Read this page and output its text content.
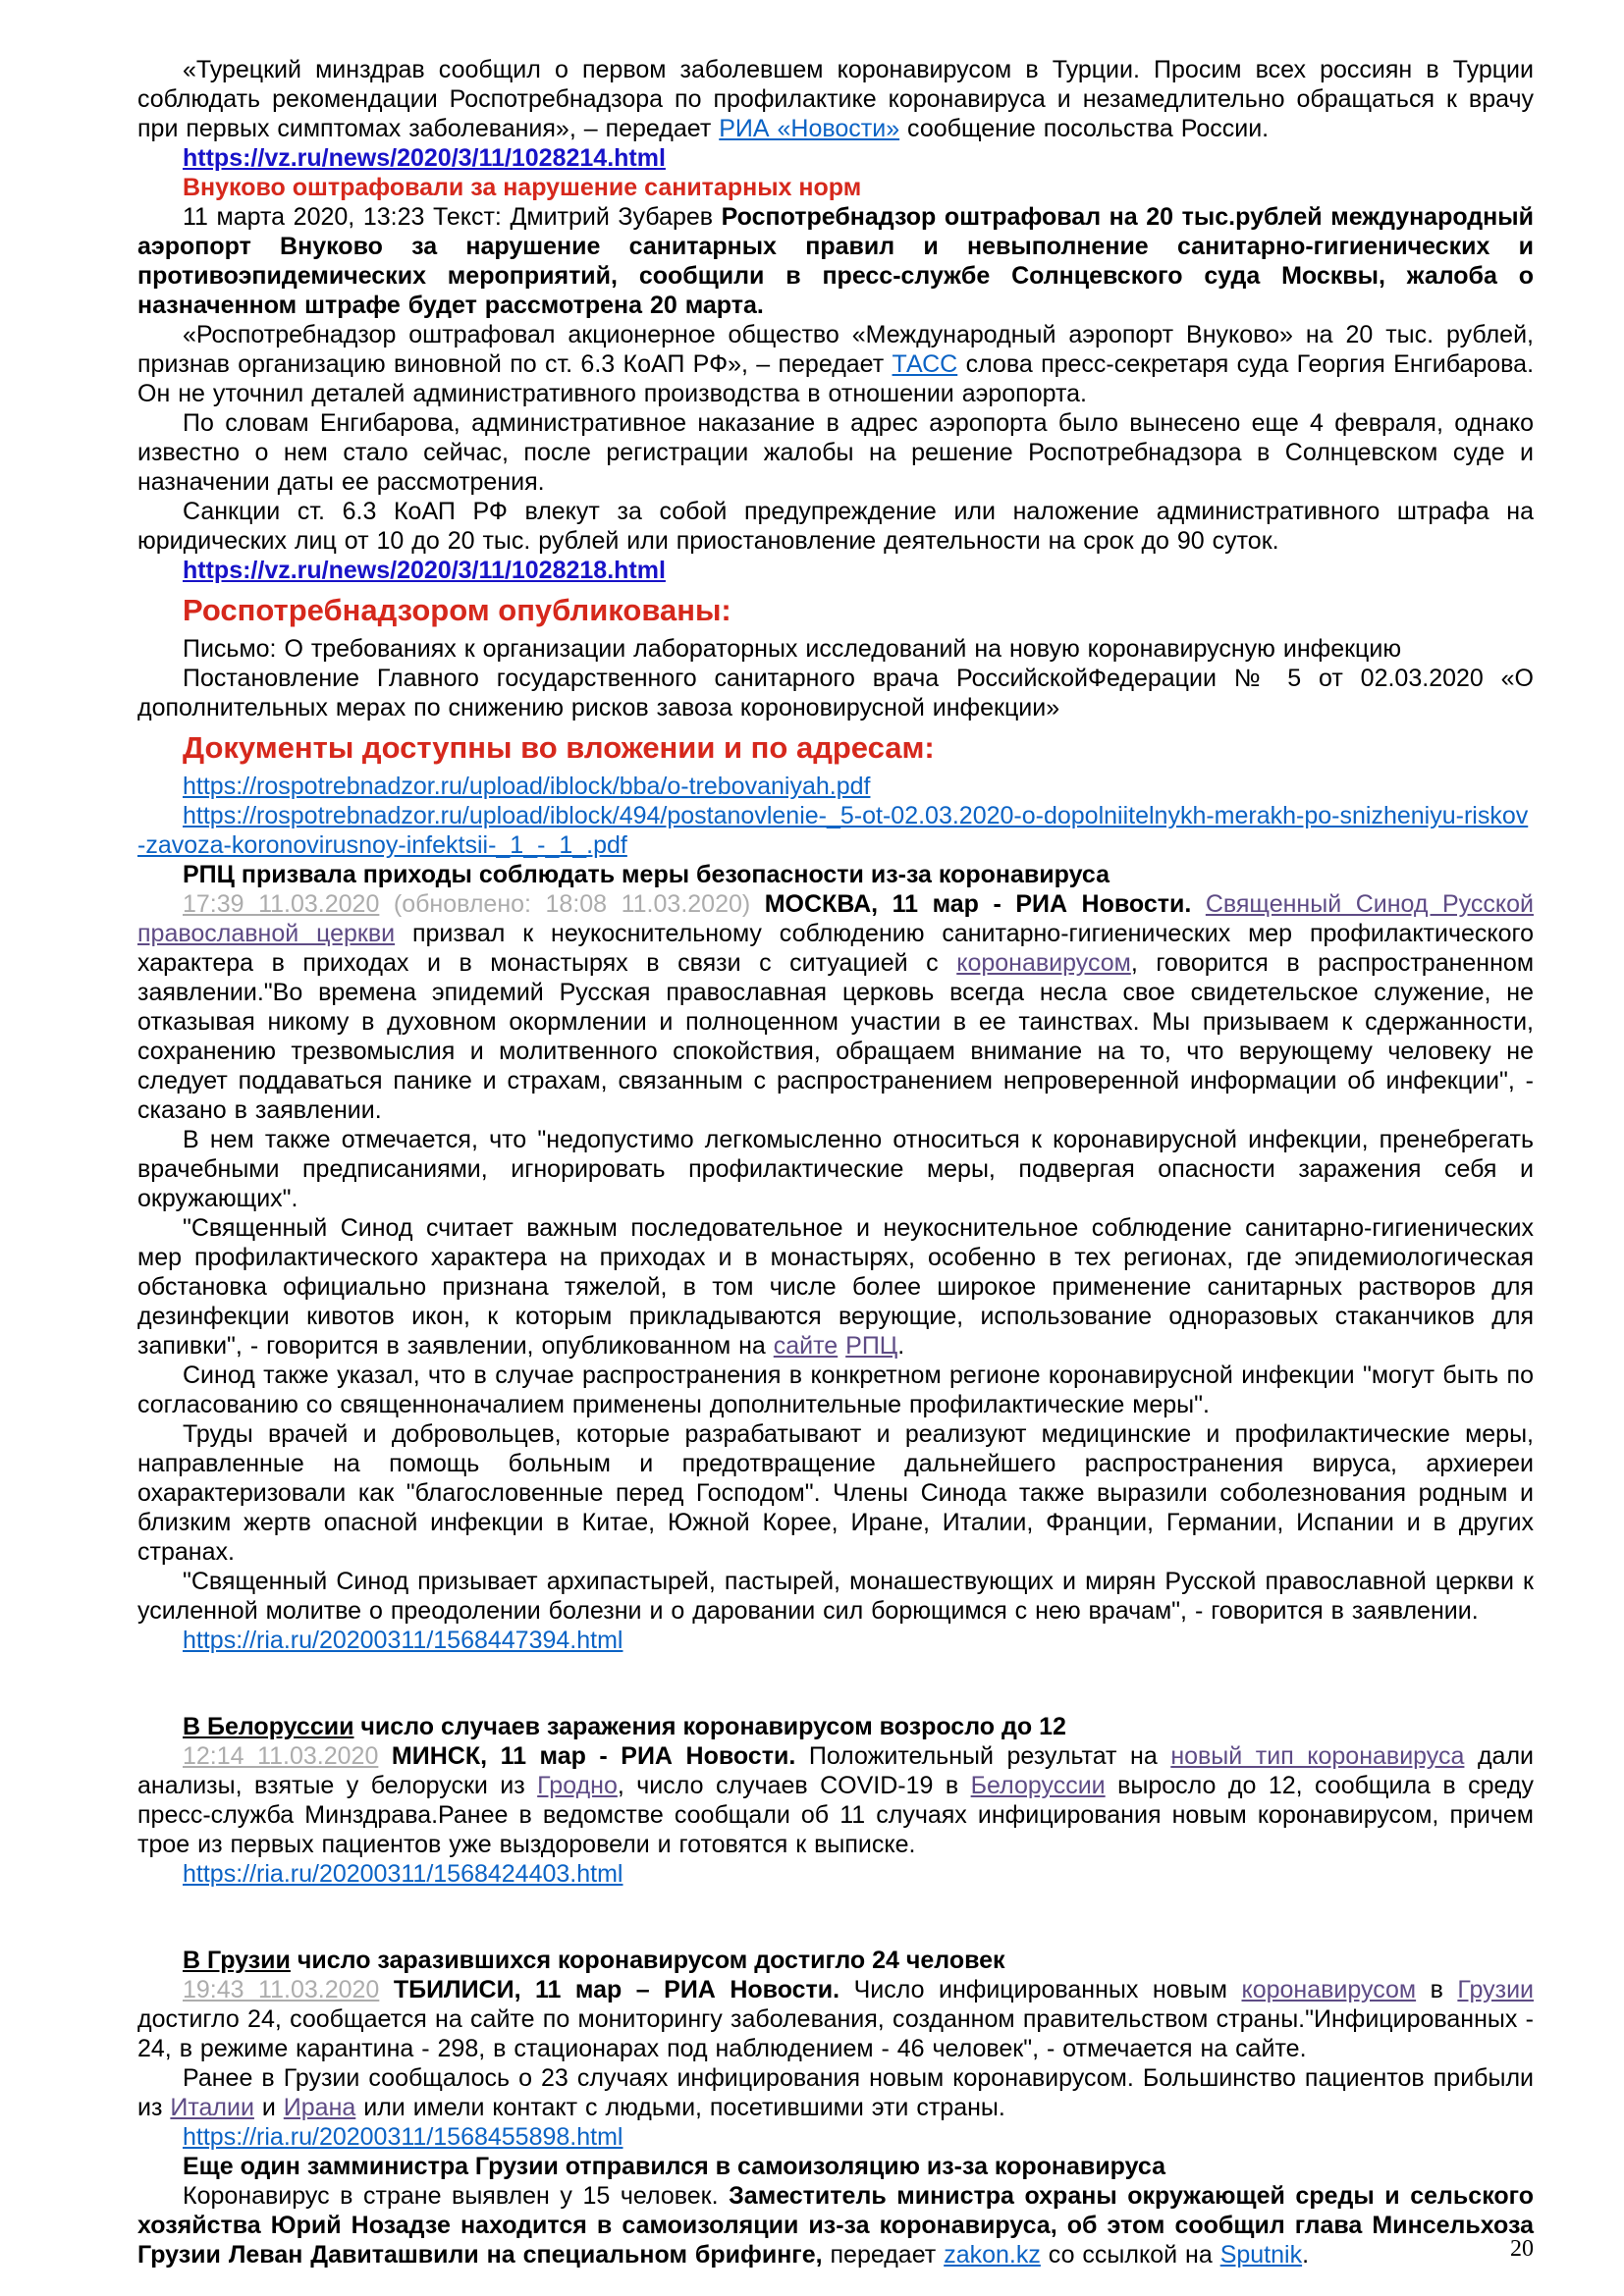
«Турецкий минздрав сообщил о первом заболевшем коронавирусом в Турции. Просим всех россиян в Турции соблюдать рекомендации Роспотребнадзора по профилактике коронавируса и незамедлительно обращаться к врачу при первых симптомах заболевания», – передает РИА «Новости» сообщение посольства России.

https://vz.ru/news/2020/3/11/1028214.html

Внуково оштрафовали за нарушение санитарных норм

11 марта 2020, 13:23 Текст: Дмитрий Зубарев Роспотребнадзор оштрафовал на 20 тыс.рублей международный аэропорт Внуково за нарушение санитарных правил и невыполнение санитарно-гигиенических и противоэпидемических мероприятий, сообщили в пресс-службе Солнцевского суда Москвы, жалоба о назначенном штрафе будет рассмотрена 20 марта.

«Роспотребнадзор оштрафовал акционерное общество «Международный аэропорт Внуково» на 20 тыс. рублей, признав организацию виновной по ст. 6.3 КоАП РФ», – передает ТАСС слова пресс-секретаря суда Георгия Енгибарова. Он не уточнил деталей административного производства в отношении аэропорта.

По словам Енгибарова, административное наказание в адрес аэропорта было вынесено еще 4 февраля, однако известно о нем стало сейчас, после регистрации жалобы на решение Роспотребнадзора в Солнцевском суде и назначении даты ее рассмотрения.

Санкции ст. 6.3 КоАП РФ влекут за собой предупреждение или наложение административного штрафа на юридических лиц от 10 до 20 тыс. рублей или приостановление деятельности на срок до 90 суток.

https://vz.ru/news/2020/3/11/1028218.html

Роспотребнадзором опубликованы:

Письмо: О требованиях к организации лабораторных исследований на новую коронавирусную инфекцию

Постановление Главного государственного санитарного врача РоссийскойФедерации № 5 от 02.03.2020 «О дополнительных мерах по снижению рисков завоза короновирусной инфекции»

Документы доступны во вложении и по адресам:

https://rospotrebnadzor.ru/upload/iblock/bba/o-trebovaniyah.pdf

https://rospotrebnadzor.ru/upload/iblock/494/postanovlenie-_5-ot-02.03.2020-o-dopolniitelnykh-merakh-po-snizheniyu-riskov-zavoza-koronovirusnoy-infektsii-_1_-_1_.pdf

РПЦ призвала приходы соблюдать меры безопасности из-за коронавируса

17:39 11.03.2020 (обновлено: 18:08 11.03.2020) МОСКВА, 11 мар - РИА Новости. Священный Синод Русской православной церкви призвал к неукоснительному соблюдению санитарно-гигиенических мер профилактического характера в приходах и в монастырях в связи с ситуацией с коронавирусом, говорится в распространенном заявлении."Во времена эпидемий Русская православная церковь всегда несла свое свидетельское служение, не отказывая никому в духовном окормлении и полноценном участии в ее таинствах. Мы призываем к сдержанности, сохранению трезвомыслия и молитвенного спокойствия, обращаем внимание на то, что верующему человеку не следует поддаваться панике и страхам, связанным с распространением непроверенной информации об инфекции", - сказано в заявлении.

В нем также отмечается, что "недопустимо легкомысленно относиться к коронавирусной инфекции, пренебрегать врачебными предписаниями, игнорировать профилактические меры, подвергая опасности заражения себя и окружающих".

"Священный Синод считает важным последовательное и неукоснительное соблюдение санитарно-гигиенических мер профилактического характера на приходах и в монастырях, особенно в тех регионах, где эпидемиологическая обстановка официально признана тяжелой, в том числе более широкое применение санитарных растворов для дезинфекции кивотов икон, к которым прикладываются верующие, использование одноразовых стаканчиков для запивки", - говорится в заявлении, опубликованном на сайте РПЦ.

Синод также указал, что в случае распространения в конкретном регионе коронавирусной инфекции "могут быть по согласованию со священноначалием применены дополнительные профилактические меры".

Труды врачей и добровольцев, которые разрабатывают и реализуют медицинские и профилактические меры, направленные на помощь больным и предотвращение дальнейшего распространения вируса, архиереи охарактеризовали как "благословенные перед Господом". Члены Синода также выразили соболезнования родным и близким жертв опасной инфекции в Китае, Южной Корее, Иране, Италии, Франции, Германии, Испании и в других странах.

"Священный Синод призывает архипастырей, пастырей, монашествующих и мирян Русской православной церкви к усиленной молитве о преодолении болезни и о даровании сил борющимся с нею врачам", - говорится в заявлении.

https://ria.ru/20200311/1568447394.html

В Белоруссии число случаев заражения коронавирусом возросло до 12

12:14 11.03.2020 МИНСК, 11 мар - РИА Новости. Положительный результат на новый тип коронавируса дали анализы, взятые у белоруски из Гродно, число случаев COVID-19 в Белоруссии выросло до 12, сообщила в среду пресс-служба Минздрава.Ранее в ведомстве сообщали об 11 случаях инфицирования новым коронавирусом, причем трое из первых пациентов уже выздоровели и готовятся к выписке.

https://ria.ru/20200311/1568424403.html

В Грузии число заразившихся коронавирусом достигло 24 человек

19:43 11.03.2020 ТБИЛИСИ, 11 мар – РИА Новости. Число инфицированных новым коронавирусом в Грузии достигло 24, сообщается на сайте по мониторингу заболевания, созданном правительством страны."Инфицированных - 24, в режиме карантина - 298, в стационарах под наблюдением - 46 человек", - отмечается на сайте.

Ранее в Грузии сообщалось о 23 случаях инфицирования новым коронавирусом. Большинство пациентов прибыли из Италии и Ирана или имели контакт с людьми, посетившими эти страны.

https://ria.ru/20200311/1568455898.html

Еще один замминистра Грузии отправился в самоизоляцию из-за коронавируса

Коронавирус в стране выявлен у 15 человек. Заместитель министра охраны окружающей среды и сельского хозяйства Юрий Нозадзе находится в самоизоляции из-за коронавируса, об этом сообщил глава Минсельхоза Грузии Леван Давиташвили на специальном брифинге, передает zakon.kz со ссылкой на Sputnik.	20
